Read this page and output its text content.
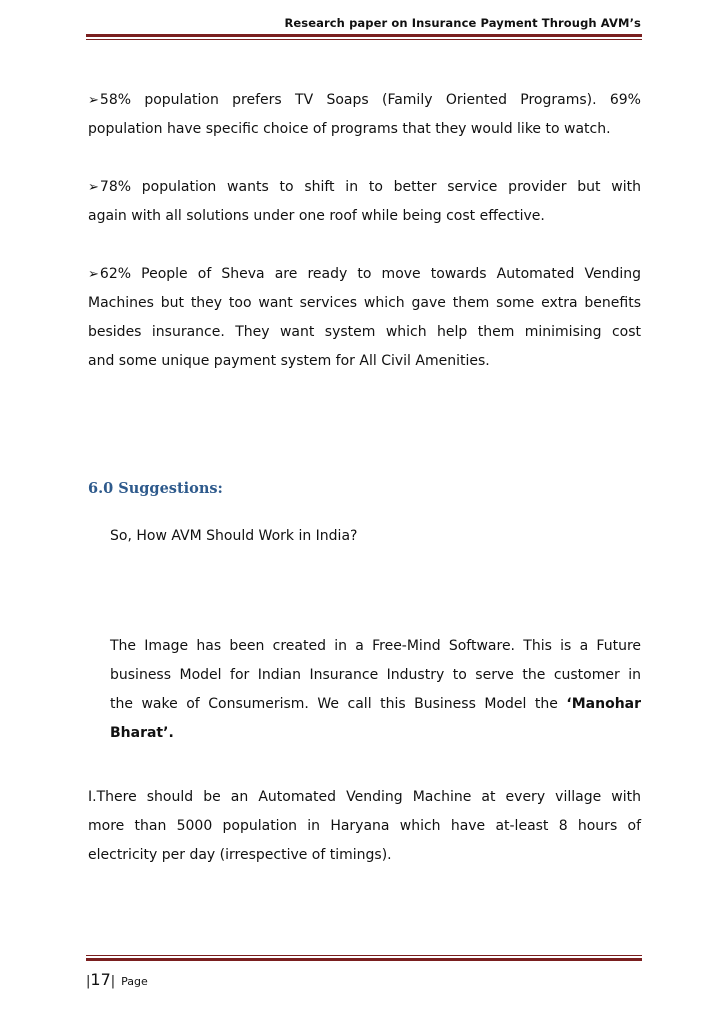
Research paper on Insurance Payment Through AVM’s
➢58% population prefers TV Soaps (Family Oriented Programs). 69%
population have specific choice of programs that they would like to watch.
➢78% population wants to shift in to better service provider but with
again with all solutions under one roof while being cost effective.
➢62% People of Sheva are ready to move towards Automated Vending
Machines but they too want services which gave them some extra benefits
besides insurance. They want system which help them minimising cost
and some unique payment system for All Civil Amenities.
6.0 Suggestions:
So, How AVM Should Work in India?
The Image has been created in a Free-Mind Software. This is a Future
business Model for Indian Insurance Industry to serve the customer in
the wake of Consumerism. We call this Business Model the ‘Manohar
Bharat’.
I.There should be an Automated Vending Machine at every village with
more than 5000 population in Haryana which have at-least 8 hours of
electricity per day (irrespective of timings).
|17| Page
